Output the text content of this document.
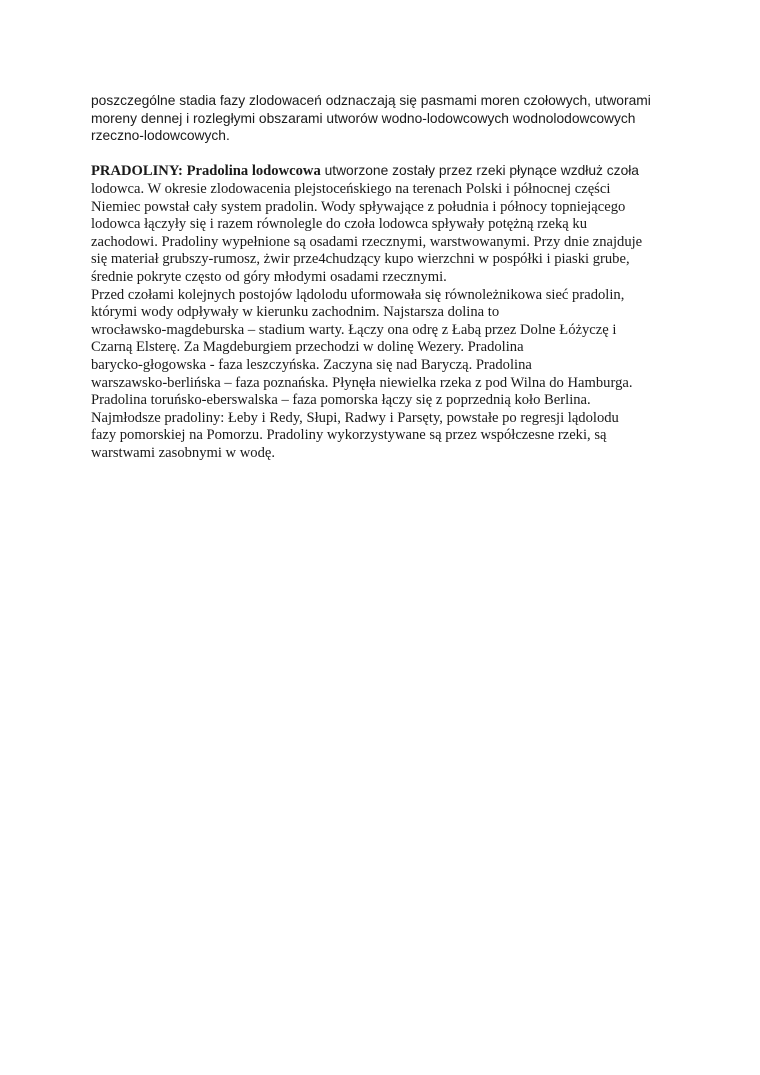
poszczególne stadia fazy zlodowaceń odznaczają się pasmami moren czołowych, utworami
moreny dennej i rozległymi obszarami utworów wodno-lodowcowych wodnolodowcowych
rzeczno-lodowcowych.

PRADOLINY: Pradolina lodowcowa utworzone zostały przez rzeki płynące wzdłuż czoła
lodowca. W okresie zlodowacenia plejstoceńskiego na terenach Polski i północnej części
Niemiec powstał cały system pradolin. Wody spływające z południa i północy topniejącego
lodowca łączyły się i razem równolegle do czoła lodowca spływały potężną rzeką ku
zachodowi. Pradoliny wypełnione są osadami rzecznymi, warstwowanymi. Przy dnie znajduje
się materiał grubszy-rumosz, żwir prze4chudzący kupo wierzchni w pospółki i piaski grube,
średnie pokryte często od góry młodymi osadami rzecznymi.

Przed czołami kolejnych postojów lądolodu uformowała się równoleżnikowa sieć pradolin,
którymi wody odpływały w kierunku zachodnim. Najstarsza dolina to
wrocławsko-magdeburska – stadium warty. Łączy ona odrę z Łabą przez Dolne Łóżyczę i
Czarną Elsterę. Za Magdeburgiem przechodzi w dolinę Wezery. Pradolina
barycko-głogowska - faza leszczyńska. Zaczyna się nad Baryczą. Pradolina
warszawsko-berlińska – faza poznańska. Płynęła niewielka rzeka z pod Wilna do Hamburga.
Pradolina toruńsko-eberswalska – faza pomorska łączy się z poprzednią koło Berlina.
Najmłodsze pradoliny: Łeby i Redy, Słupi, Radwy i Parsęty, powstałe po regresji lądolodu
fazy pomorskiej na Pomorzu. Pradoliny wykorzystywane są przez współczesne rzeki, są
warstwami zasobnymi w wodę.
